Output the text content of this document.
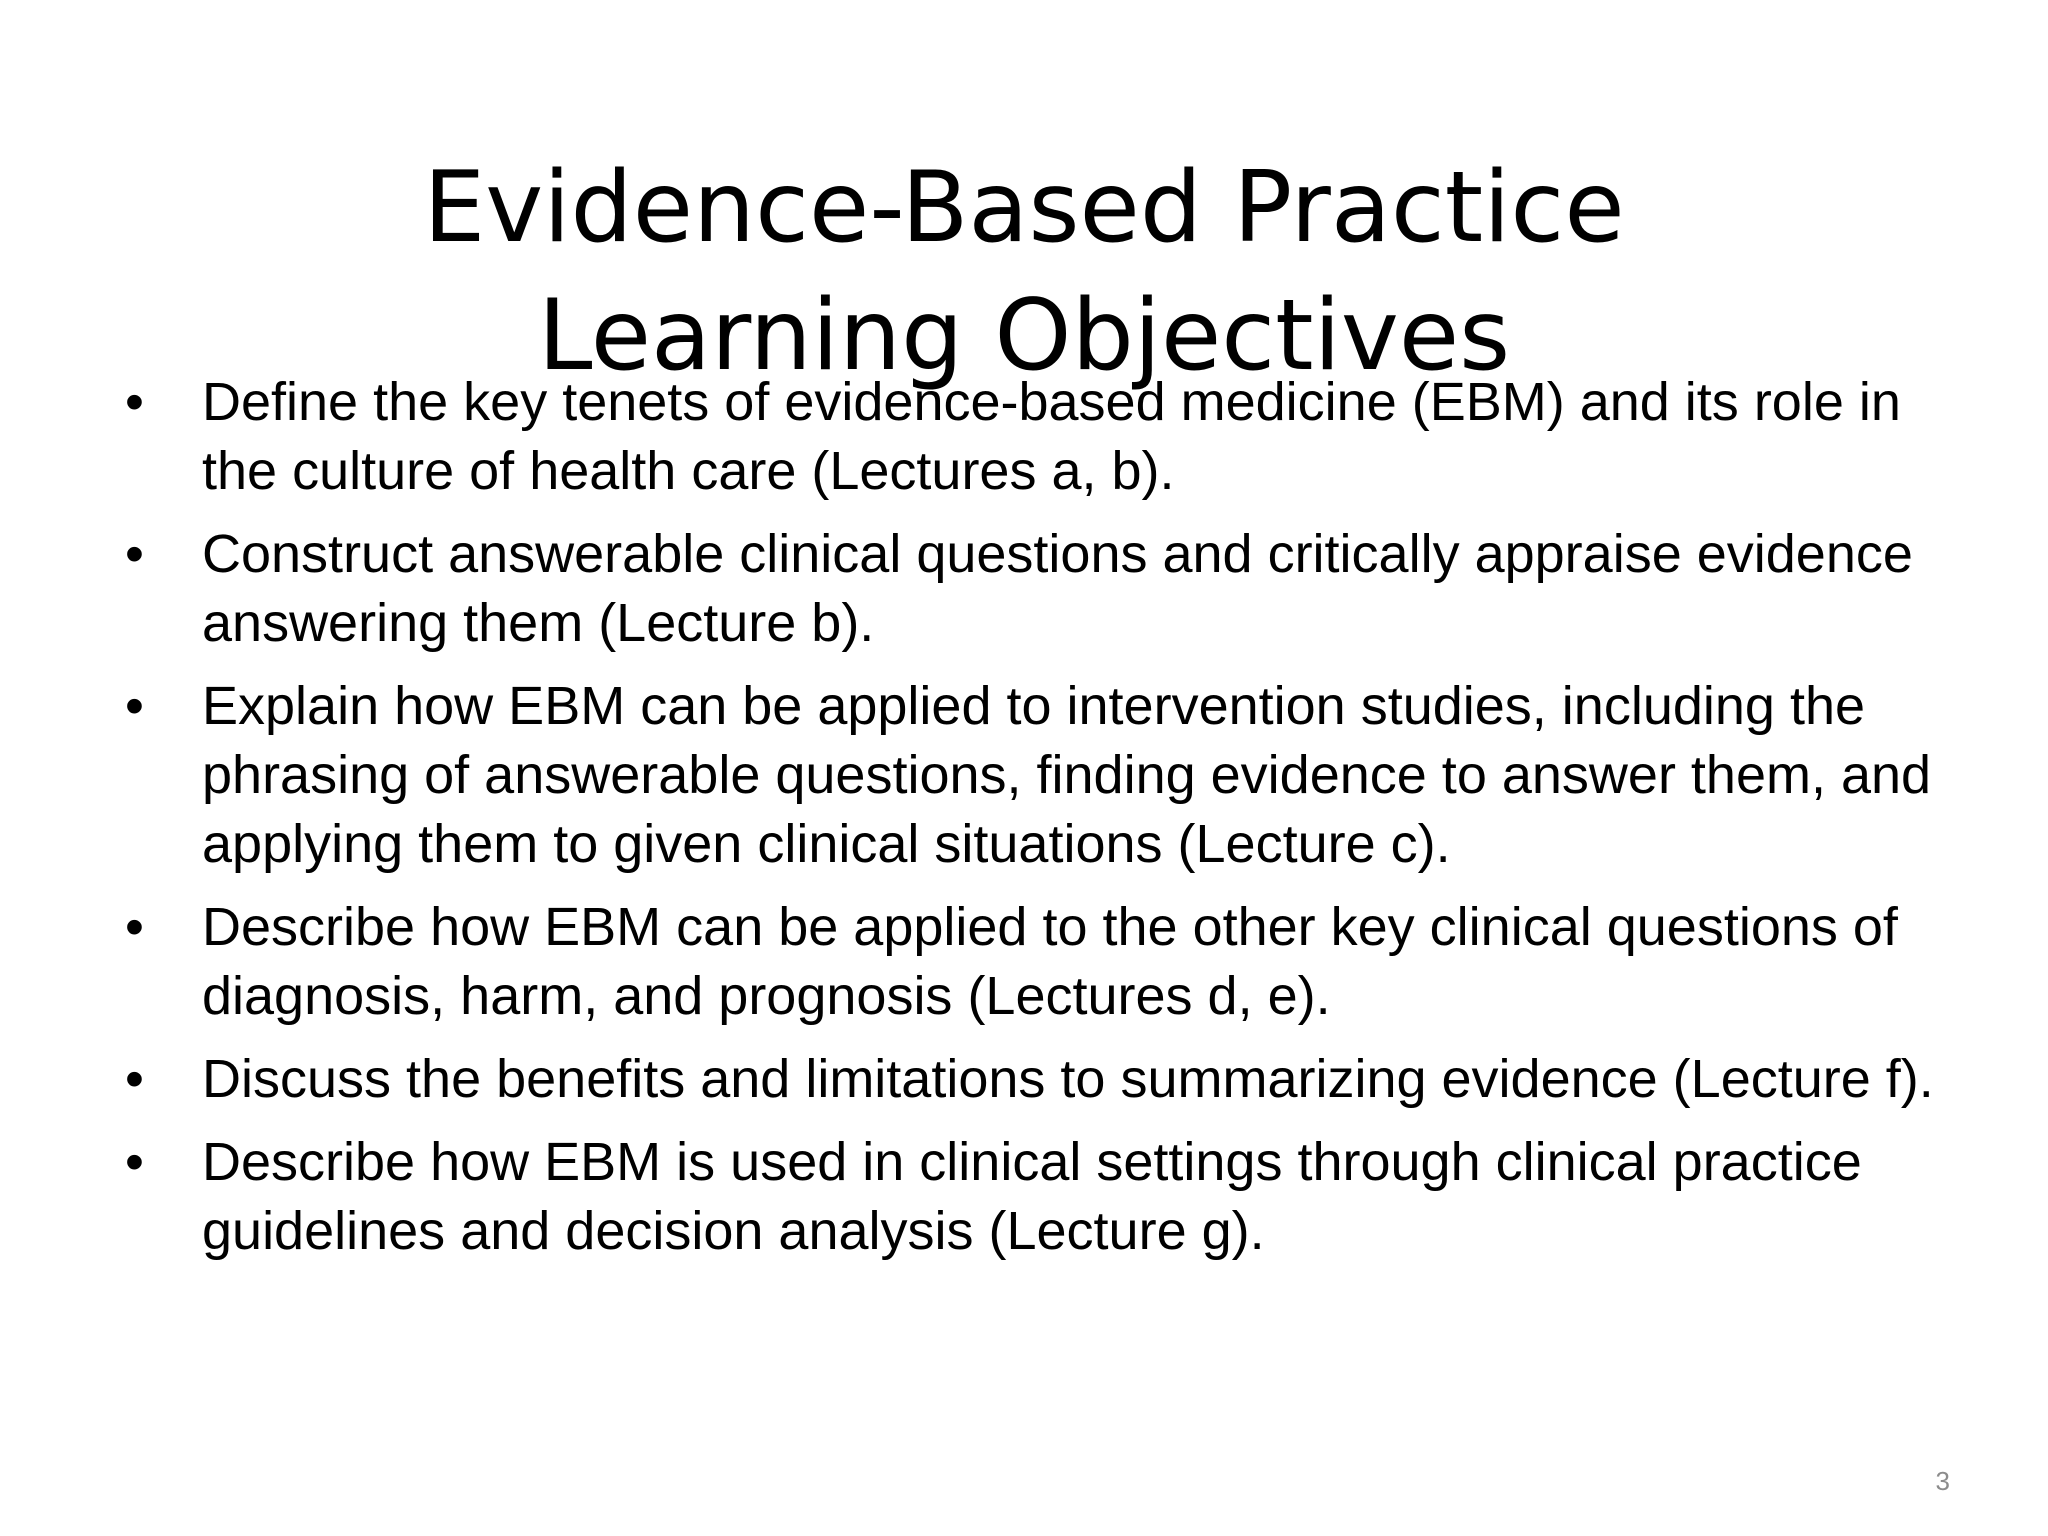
Evidence-Based Practice
Learning Objectives
• Define the key tenets of evidence-based medicine (EBM) and its role in the culture of health care (Lectures a, b).
• Construct answerable clinical questions and critically appraise evidence answering them (Lecture b).
• Explain how EBM can be applied to intervention studies, including the phrasing of answerable questions, finding evidence to answer them, and applying them to given clinical situations (Lecture c).
• Describe how EBM can be applied to the other key clinical questions of diagnosis, harm, and prognosis (Lectures d, e).
• Discuss the benefits and limitations to summarizing evidence (Lecture f).
• Describe how EBM is used in clinical settings through clinical practice guidelines and decision analysis (Lecture g).
3
